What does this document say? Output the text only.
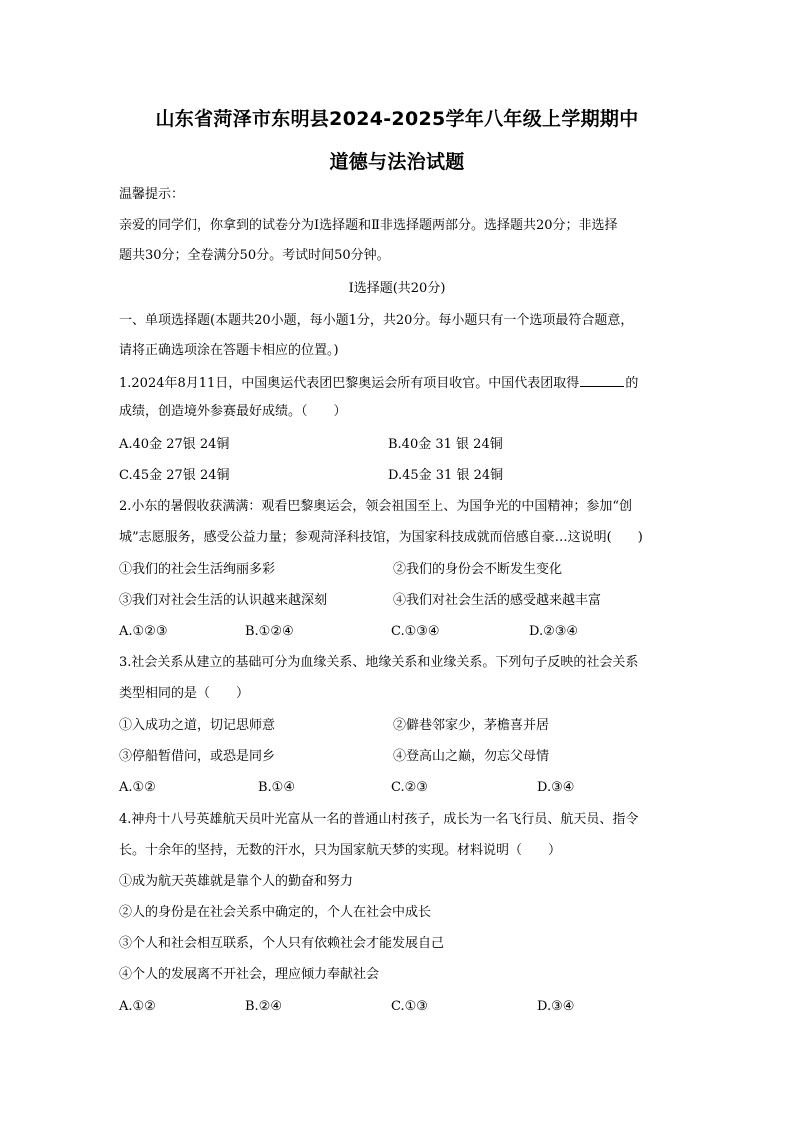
山东省菏泽市东明县2024-2025学年八年级上学期期中
道德与法治试题
温馨提示：
亲爱的同学们，你拿到的试卷分为Ⅰ选择题和Ⅱ非选择题两部分。选择题共20分；非选择
题共30分；全卷满分50分。考试时间50分钟。
Ⅰ选择题(共20分)
一、单项选择题(本题共20小题，每小题1分，共20分。每小题只有一个选项最符合题意，
请将正确选项涂在答题卡相应的位置。)
1.2024年8月11日，中国奥运代表团巴黎奥运会所有项目收官。中国代表团取得	的
成绩，创造境外参赛最好成绩。（　　）
A.40金 27银 24铜	B.40金 31 银 24铜
C.45金 27银 24铜	D.45金 31 银 24铜
2.小东的暑假收获满满：观看巴黎奥运会，领会祖国至上、为国争光的中国精神；参加“创
城”志愿服务，感受公益力量；参观菏泽科技馆，为国家科技成就而倍感自豪…这说明(　　)
①我们的社会生活绚丽多彩	②我们的身份会不断发生变化
③我们对社会生活的认识越来越深刻	④我们对社会生活的感受越来越丰富
A.①②③	B.①②④	C.①③④	D.②③④
3.社会关系从建立的基础可分为血缘关系、地缘关系和业缘关系。下列句子反映的社会关系
类型相同的是（　　）
①入成功之道，切记思师意	②僻巷邻家少，茅檐喜并居
③停船暂借问，或恐是同乡	④登高山之巅，勿忘父母情
A.①②	B.①④	C.②③	D.③④
4.神舟十八号英雄航天员叶光富从一名的普通山村孩子，成长为一名飞行员、航天员、指令
长。十余年的坚持，无数的汗水，只为国家航天梦的实现。材料说明（　　）
①成为航天英雄就是靠个人的勤奋和努力
②人的身份是在社会关系中确定的，个人在社会中成长
③个人和社会相互联系，个人只有依赖社会才能发展自己
④个人的发展离不开社会，理应倾力奉献社会
A.①②	B.②④	C.①③	D.③④
